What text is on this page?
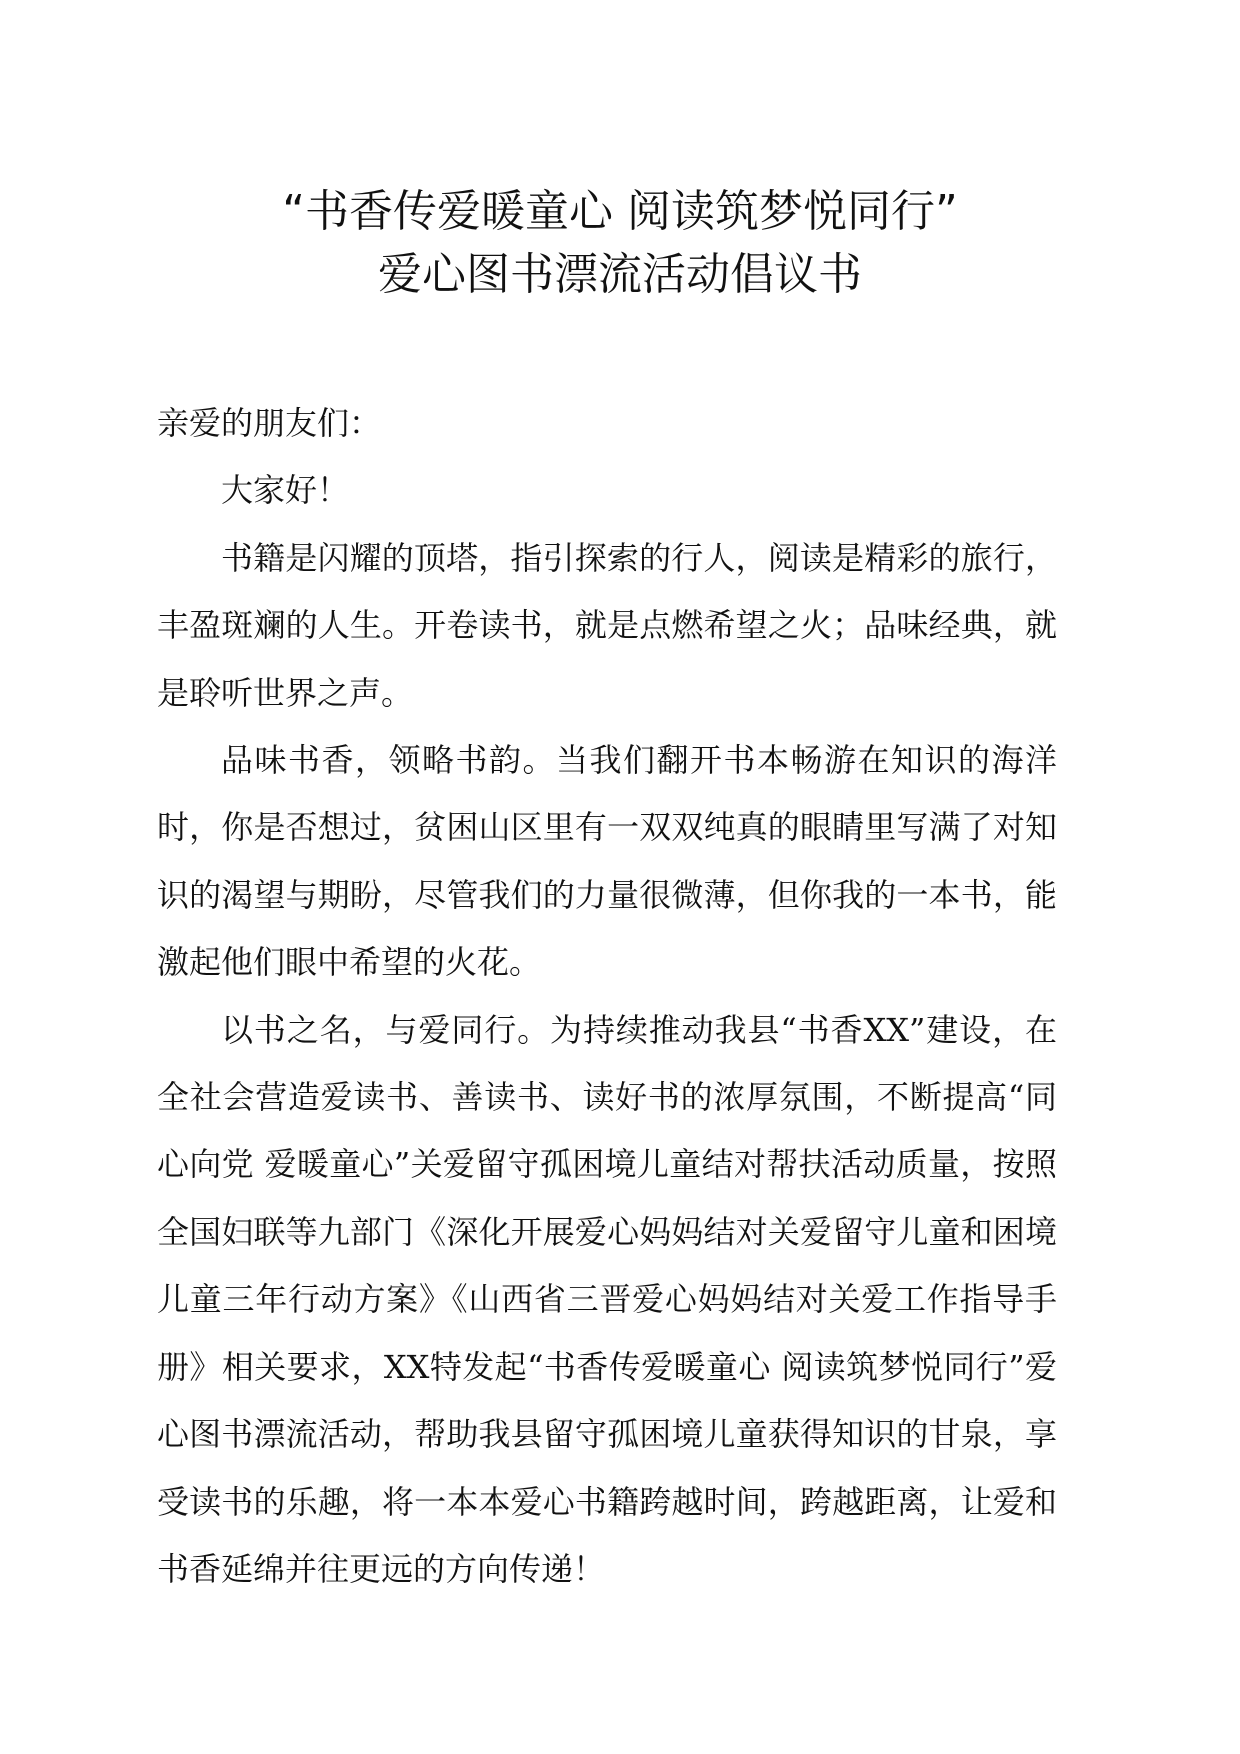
“书香传爱暖童心 阅读筑梦悦同行”
爱心图书漂流活动倡议书

亲爱的朋友们：

大家好！

书籍是闪耀的顶塔，指引探索的行人，阅读是精彩的旅行，丰盈斑斓的人生。开卷读书，就是点燃希望之火；品味经典，就是聆听世界之声。

品味书香，领略书韵。当我们翻开书本畅游在知识的海洋时，你是否想过，贫困山区里有一双双纯真的眼睛里写满了对知识的渴望与期盼，尽管我们的力量很微薄，但你我的一本书，能激起他们眼中希望的火花。

以书之名，与爱同行。为持续推动我县“书香XX”建设，在全社会营造爱读书、善读书、读好书的浓厚氛围，不断提高“同心向党 爱暖童心”关爱留守孤困境儿童结对帮扶活动质量，按照全国妇联等九部门《深化开展爱心妈妈结对关爱留守儿童和困境儿童三年行动方案》《山西省三晋爱心妈妈结对关爱工作指导手册》相关要求，XX特发起“书香传爱暖童心 阅读筑梦悦同行”爱心图书漂流活动，帮助我县留守孤困境儿童获得知识的甘泉，享受读书的乐趣，将一本本爱心书籍跨越时间，跨越距离，让爱和书香延绵并往更远的方向传递！
